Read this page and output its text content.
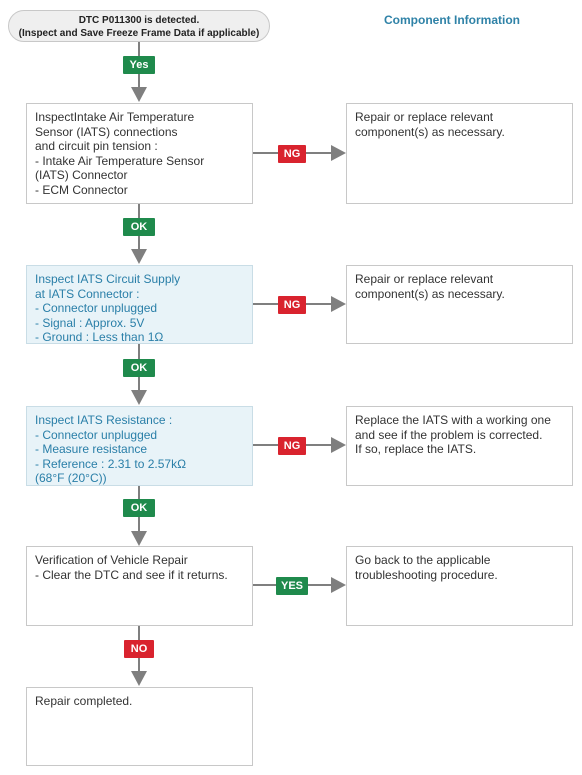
DTC P011300 is detected.
(Inspect and Save Freeze Frame Data if applicable)
Component Information
InspectIntake Air Temperature
Sensor (IATS) connections
and circuit pin tension :
- Intake Air Temperature Sensor
(IATS) Connector
- ECM Connector
Inspect IATS Circuit Supply
at IATS Connector :
- Connector unplugged
- Signal : Approx. 5V
- Ground : Less than 1Ω
Inspect IATS Resistance :
- Connector unplugged
- Measure resistance
- Reference : 2.31 to 2.57kΩ
(68°F (20°C))
Verification of Vehicle Repair
- Clear the DTC and see if it returns.
Repair completed.
Repair or replace relevant
component(s) as necessary.
Repair or replace relevant
component(s) as necessary.
Replace the IATS with a working one
and see if the problem is corrected.
If so, replace the IATS.
Go back to the applicable
troubleshooting procedure.
Yes
NG
OK
NG
OK
NG
OK
YES
NO
